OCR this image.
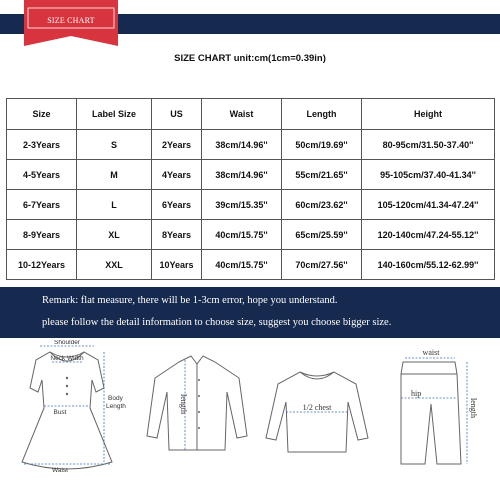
SIZE CHART
SIZE CHART unit:cm(1cm=0.39in)
Size	Label Size	US	Waist	Length	Height
2-3Years	S	2Years	38cm/14.96''	50cm/19.69''	80-95cm/31.50-37.40''
4-5Years	M	4Years	38cm/14.96''	55cm/21.65''	95-105cm/37.40-41.34''
6-7Years	L	6Years	39cm/15.35''	60cm/23.62''	105-120cm/41.34-47.24''
8-9Years	XL	8Years	40cm/15.75''	65cm/25.59''	120-140cm/47.24-55.12''
10-12Years	XXL	10Years	40cm/15.75''	70cm/27.56''	140-160cm/55.12-62.99''
Remark: flat measure, there will be 1-3cm error, hope you understand.
please follow the detail information to choose size, suggest you choose bigger size.
Shoulder
Neck Width
Bust
Waist
Body
Length	length	1/2 chest
waist
hip
length
